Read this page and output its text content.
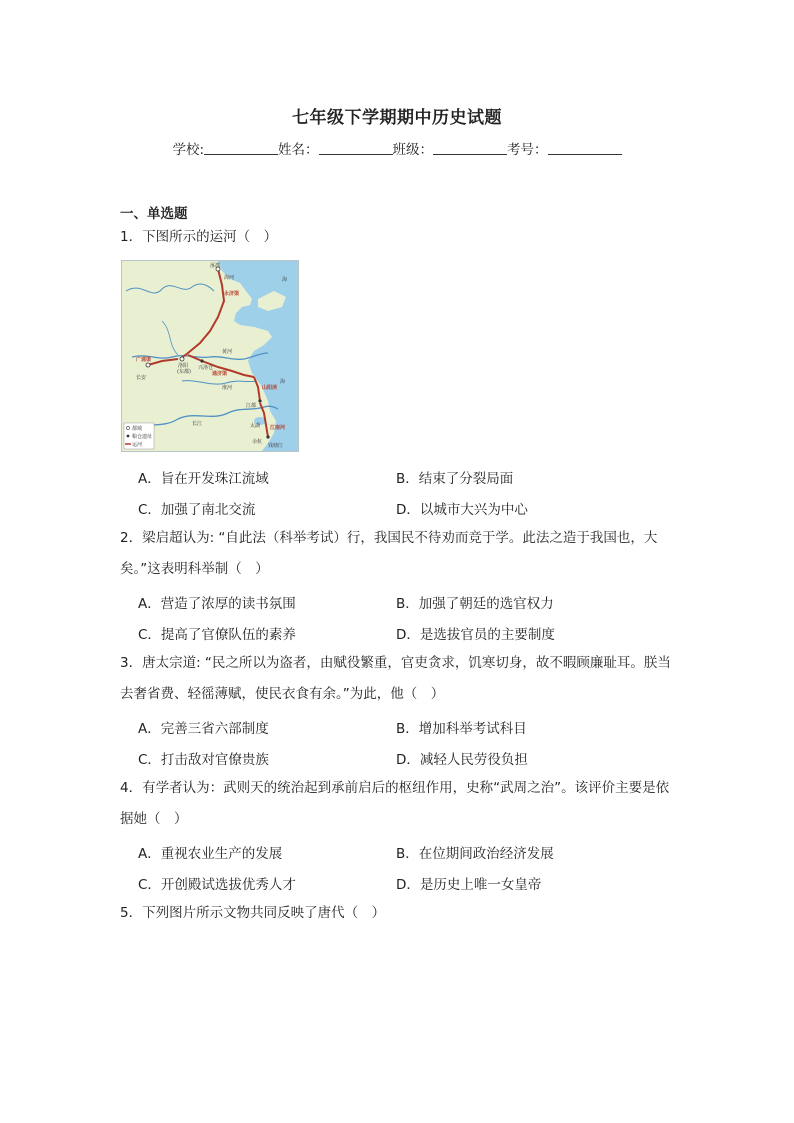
七年级下学期期中历史试题
学校:	姓名：	班级：	考号：
一、单选题
1．下图所示的运河（　）
涿郡
海河
洛阳
(东都)
长安
兴洛仓
江都
余杭
钱塘江
广通渠
黄河
淮河
长江	太湖
海
海
永济渠
通济渠
山阳渎
江南河
都城
粮仓遗址
运河
A．旨在开发珠江流域	B．结束了分裂局面
C．加强了南北交流	D．以城市大兴为中心
2．梁启超认为: “自此法（科举考试）行，我国民不待劝而竞于学。此法之造于我国也，大矣。”这表明科举制（　）
A．营造了浓厚的读书氛围	B．加强了朝廷的选官权力
C．提高了官僚队伍的素养	D．是选拔官员的主要制度
3．唐太宗道: “民之所以为盗者，由赋役繁重，官吏贪求，饥寒切身，故不暇顾廉耻耳。朕当去奢省费、轻徭薄赋，使民衣食有余。”为此，他（　）
A．完善三省六部制度	B．增加科举考试科目
C．打击敌对官僚贵族	D．减轻人民劳役负担
4．有学者认为：武则天的统治起到承前启后的枢纽作用，史称“武周之治”。该评价主要是依据她（　）
A．重视农业生产的发展	B．在位期间政治经济发展
C．开创殿试选拔优秀人才	D．是历史上唯一女皇帝
5．下列图片所示文物共同反映了唐代（　）
